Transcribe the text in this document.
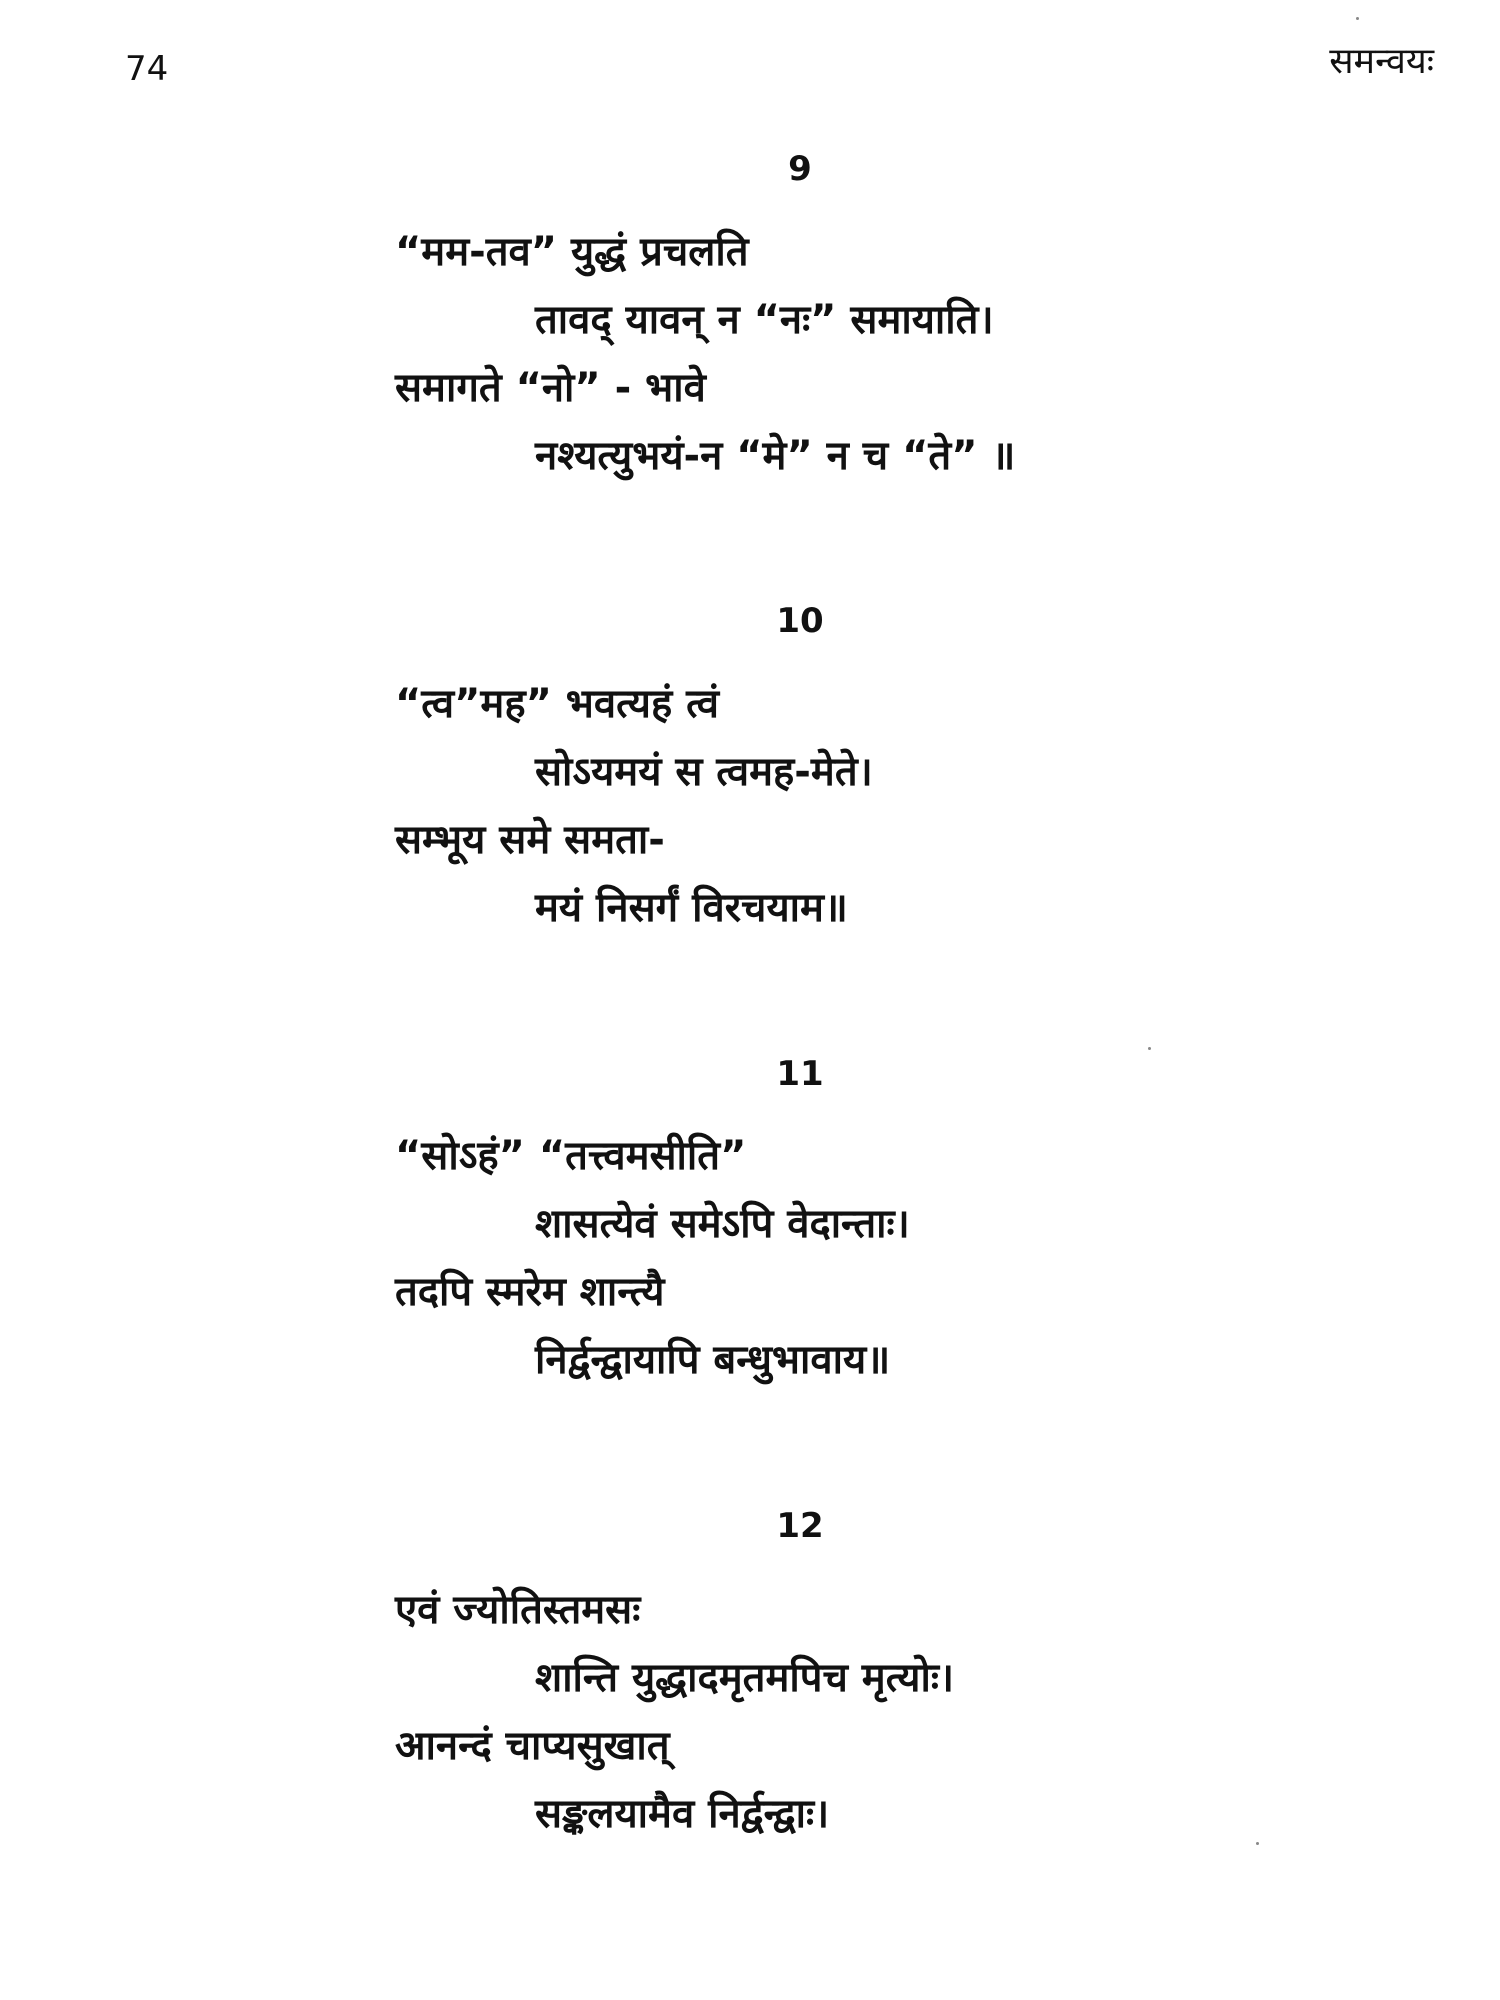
74	समन्वयः
9
“मम-तव” युद्धं प्रचलति
तावद् यावन् न “नः” समायाति।
समागते “नो” - भावे
नश्यत्युभयं-न “मे” न च “ते” ॥
10
“त्व”मह” भवत्यहं त्वं
सोऽयमयं स त्वमह-मेते।
सम्भूय समे समता-
मयं निसर्गं विरचयाम॥
11
“सोऽहं” “तत्त्वमसीति”
शासत्येवं समेऽपि वेदान्ताः।
तदपि स्मरेम शान्त्यै
निर्द्वन्द्वायापि बन्धुभावाय॥
12
एवं ज्योतिस्तमसः
शान्ति युद्धादमृतमपिच मृत्योः।
आनन्दं चाप्यसुखात्
सङ्कलयामैव निर्द्वन्द्वाः।
